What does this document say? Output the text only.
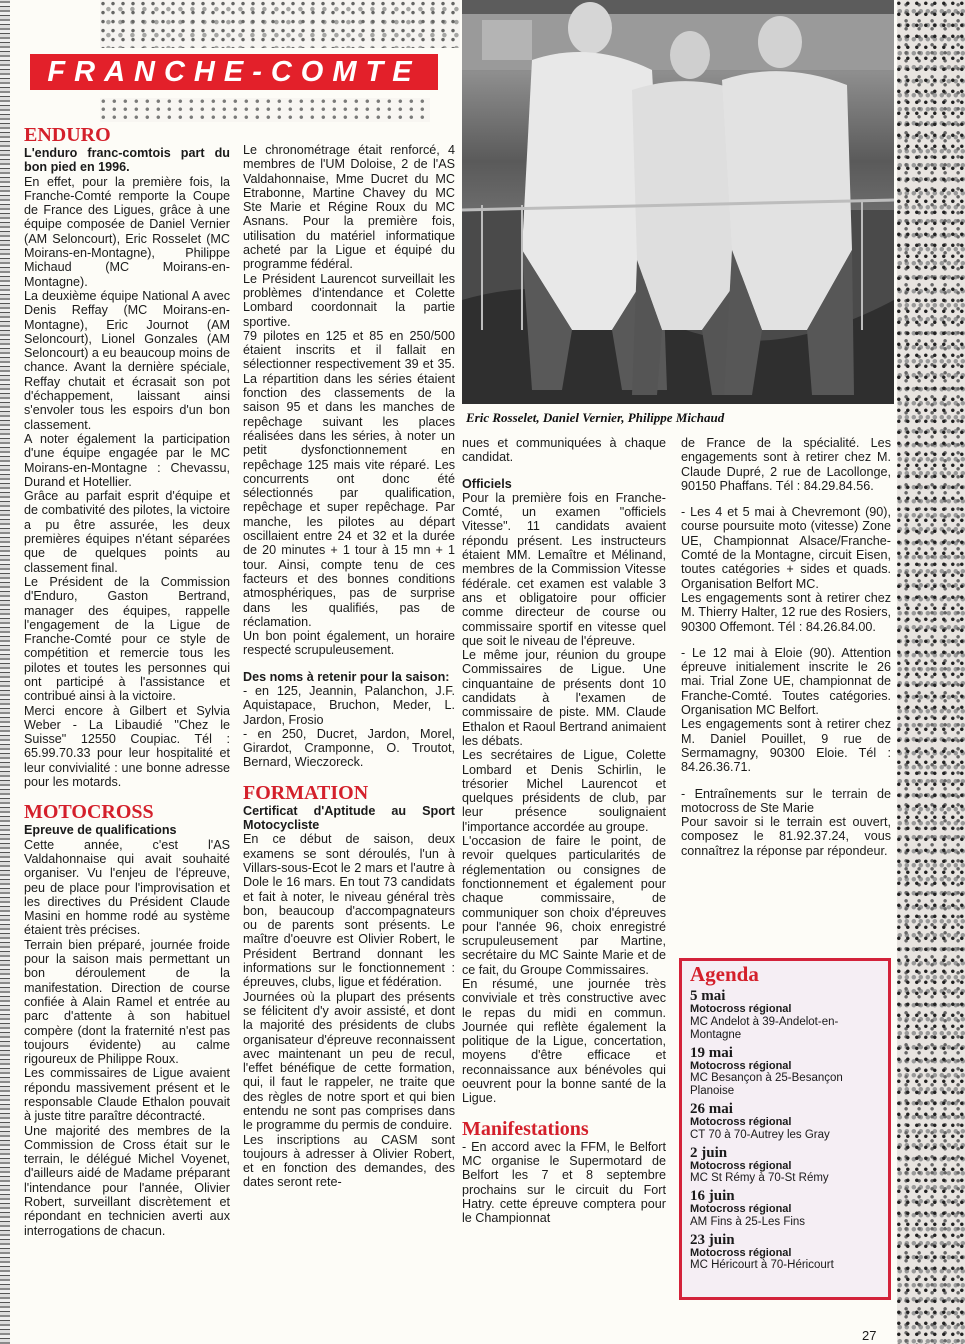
FRANCHE-COMTE
Eric Rosselet, Daniel Vernier, Philippe Michaud

ENDURO

L'enduro franc-comtois part du bon pied en 1996.

En effet, pour la première fois, la Franche-Comté remporte la Coupe de France des Ligues, grâce à une équipe composée de Daniel Vernier (AM Seloncourt), Eric Rosselet (MC Moirans-en-Montagne), Philippe Michaud (MC Moirans-en-Montagne).

La deuxième équipe National A avec Denis Reffay (MC Moirans-en-Montagne), Eric Journot (AM Seloncourt), Lionel Gonzales (AM Seloncourt) a eu beaucoup moins de chance. Avant la dernière spéciale, Reffay chutait et écrasait son pot d'échappement, laissant ainsi s'envoler tous les espoirs d'un bon classement.

A noter également la participation d'une équipe engagée par le MC Moirans-en-Montagne : Chevassu, Durand et Hotellier.

Grâce au parfait esprit d'équipe et de combativité des pilotes, la victoire a pu être assurée, les deux premières équipes n'étant séparées que de quelques points au classement final.

Le Président de la Commission d'Enduro, Gaston Bertrand, manager des équipes, rappelle l'engagement de la Ligue de Franche-Comté pour ce style de compétition et remercie tous les pilotes et toutes les personnes qui ont participé à l'assistance et contribué ainsi à la victoire.

Merci encore à Gilbert et Sylvia Weber - La Libaudié "Chez le Suisse" 12550 Coupiac. Tél : 65.99.70.33 pour leur hospitalité et leur convivialité : une bonne adresse pour les motards.

MOTOCROSS

Epreuve de qualifications

Cette année, c'est l'AS Valdahonnaise qui avait souhaité organiser. Vu l'enjeu de l'épreuve, peu de place pour l'improvisation et les directives du Président Claude Masini en homme rodé au système étaient très précises.

Terrain bien préparé, journée froide pour la saison mais permettant un bon déroulement de la manifestation. Direction de course confiée à Alain Ramel et entrée au parc d'attente à son habituel compère (dont la fraternité n'est pas toujours évidente) au calme rigoureux de Philippe Roux.

Les commissaires de Ligue avaient répondu massivement présent et le responsable Claude Ethalon pouvait à juste titre paraître décontracté.

Une majorité des membres de la Commission de Cross était sur le terrain, le délégué Michel Voyenet, d'ailleurs aidé de Madame préparant l'intendance pour l'année, Olivier Robert, surveillant discrètement et répondant en technicien averti aux interrogations de chacun.

Le chronométrage était renforcé, 4 membres de l'UM Doloise, 2 de l'AS Valdahonnaise, Mme Ducret du MC Etrabonne, Martine Chavey du MC Ste Marie et Régine Roux du MC Asnans. Pour la première fois, utilisation du matériel informatique acheté par la Ligue et équipé du programme fédéral.

Le Président Laurencot surveillait les problèmes d'intendance et Colette Lombard coordonnait la partie sportive.

79 pilotes en 125 et 85 en 250/500 étaient inscrits et il fallait en sélectionner respectivement 39 et 35. La répartition dans les séries étaient fonction des classements de la saison 95 et dans les manches de repêchage suivant les places réalisées dans les séries, à noter un petit dysfonctionnement en repêchage 125 mais vite réparé. Les concurrents ont donc été sélectionnés par qualification, repêchage et super repêchage. Par manche, les pilotes au départ oscillaient entre 24 et 32 et la durée de 20 minutes + 1 tour à 15 mn + 1 tour. Ainsi, compte tenu de ces facteurs et des bonnes conditions atmosphériques, pas de surprise dans les qualifiés, pas de réclamation.

Un bon point également, un horaire respecté scrupuleusement.

Des noms à retenir pour la saison:

- en 125, Jeannin, Palanchon, J.F. Aquistapace, Bruchon, Meder, L. Jardon, Frosio

- en 250, Ducret, Jardon, Morel, Girardot, Cramponne, O. Troutot, Bernard, Wieczoreck.

FORMATION

Certificat d'Aptitude au Sport Motocycliste

En ce début de saison, deux examens se sont déroulés, l'un à Villars-sous-Ecot le 2 mars et l'autre à Dole le 16 mars. En tout 73 candidats et fait à noter, le niveau général très bon, beaucoup d'accompagnateurs ou de parents sont présents. Le maître d'oeuvre est Olivier Robert, le Président Bertrand donnant les informations sur le fonctionnement : épreuves, clubs, ligue et fédération.

Journées où la plupart des présents se félicitent d'y avoir assisté, et dont la majorité des présidents de clubs organisateur d'épreuve reconnaissent avec maintenant un peu de recul, l'effet bénéfique de cette formation, qui, il faut le rappeler, ne traite que des règles de notre sport et qui bien entendu ne sont pas comprises dans le programme du permis de conduire.

Les inscriptions au CASM sont toujours à adresser à Olivier Robert, et en fonction des demandes, des dates seront rete-

nues et communiquées à chaque candidat.

Officiels

Pour la première fois en Franche-Comté, un examen "officiels Vitesse". 11 candidats avaient répondu présent. Les instructeurs étaient MM. Lemaître et Mélinand, membres de la Commission Vitesse fédérale. cet examen est valable 3 ans et obligatoire pour officier comme directeur de course ou commissaire sportif en vitesse quel que soit le niveau de l'épreuve.

Le même jour, réunion du groupe Commissaires de Ligue. Une cinquantaine de présents dont 10 candidats à l'examen de commissaire de piste. MM. Claude Ethalon et Raoul Bertrand animaient les débats.

Les secrétaires de Ligue, Colette Lombard et Denis Schirlin, le trésorier Michel Laurencot et quelques présidents de club, par leur présence soulignaient l'importance accordée au groupe.

L'occasion de faire le point, de revoir quelques particularités de réglementation ou consignes de fonctionnement et également pour chaque commissaire, de communiquer son choix d'épreuves pour l'année 96, choix enregistré scrupuleusement par Martine, secrétaire du MC Sainte Marie et de ce fait, du Groupe Commissaires.

En résumé, une journée très conviviale et très constructive avec le repas du midi en commun. Journée qui reflète également la politique de la Ligue, concertation, moyens d'être efficace et reconnaissance aux bénévoles qui oeuvrent pour la bonne santé de la Ligue.

Manifestations

- En accord avec la FFM, le Belfort MC organise le Supermotard de Belfort les 7 et 8 septembre prochains sur le circuit du Fort Hatry. cette épreuve comptera pour le Championnat

de France de la spécialité. Les engagements sont à retirer chez M. Claude Dupré, 2 rue de Lacollonge, 90150 Phaffans. Tél : 84.29.84.56.

- Les 4 et 5 mai à Chevremont (90), course poursuite moto (vitesse) Zone UE, Championnat Alsace/Franche-Comté de la Montagne, circuit Eisen, toutes catégories + sides et quads. Organisation Belfort MC.

Les engagements sont à retirer chez M. Thierry Halter, 12 rue des Rosiers, 90300 Offemont. Tél : 84.26.84.00.

- Le 12 mai à Eloie (90). Attention épreuve initialement inscrite le 26 mai. Trial Zone UE, championnat de Franche-Comté. Toutes catégories. Organisation MC Belfort.

Les engagements sont à retirer chez M. Daniel Pouillet, 9 rue de Sermamagny, 90300 Eloie. Tél : 84.26.36.71.

- Entraînements sur le terrain de motocross de Ste Marie

Pour savoir si le terrain est ouvert, composez le 81.92.37.24, vous connaîtrez la réponse par répondeur.

Agenda

5 mai

Motocross régional

MC Andelot à 39-Andelot-en-Montagne

19 mai

Motocross régional

MC Besançon à 25-Besançon Planoise

26 mai

Motocross régional

CT 70 à 70-Autrey les Gray

2 juin

Motocross régional

MC St Rémy à 70-St Rémy

16 juin

Motocross régional

AM Fins à 25-Les Fins

23 juin

Motocross régional

MC Héricourt à 70-Héricourt

27
